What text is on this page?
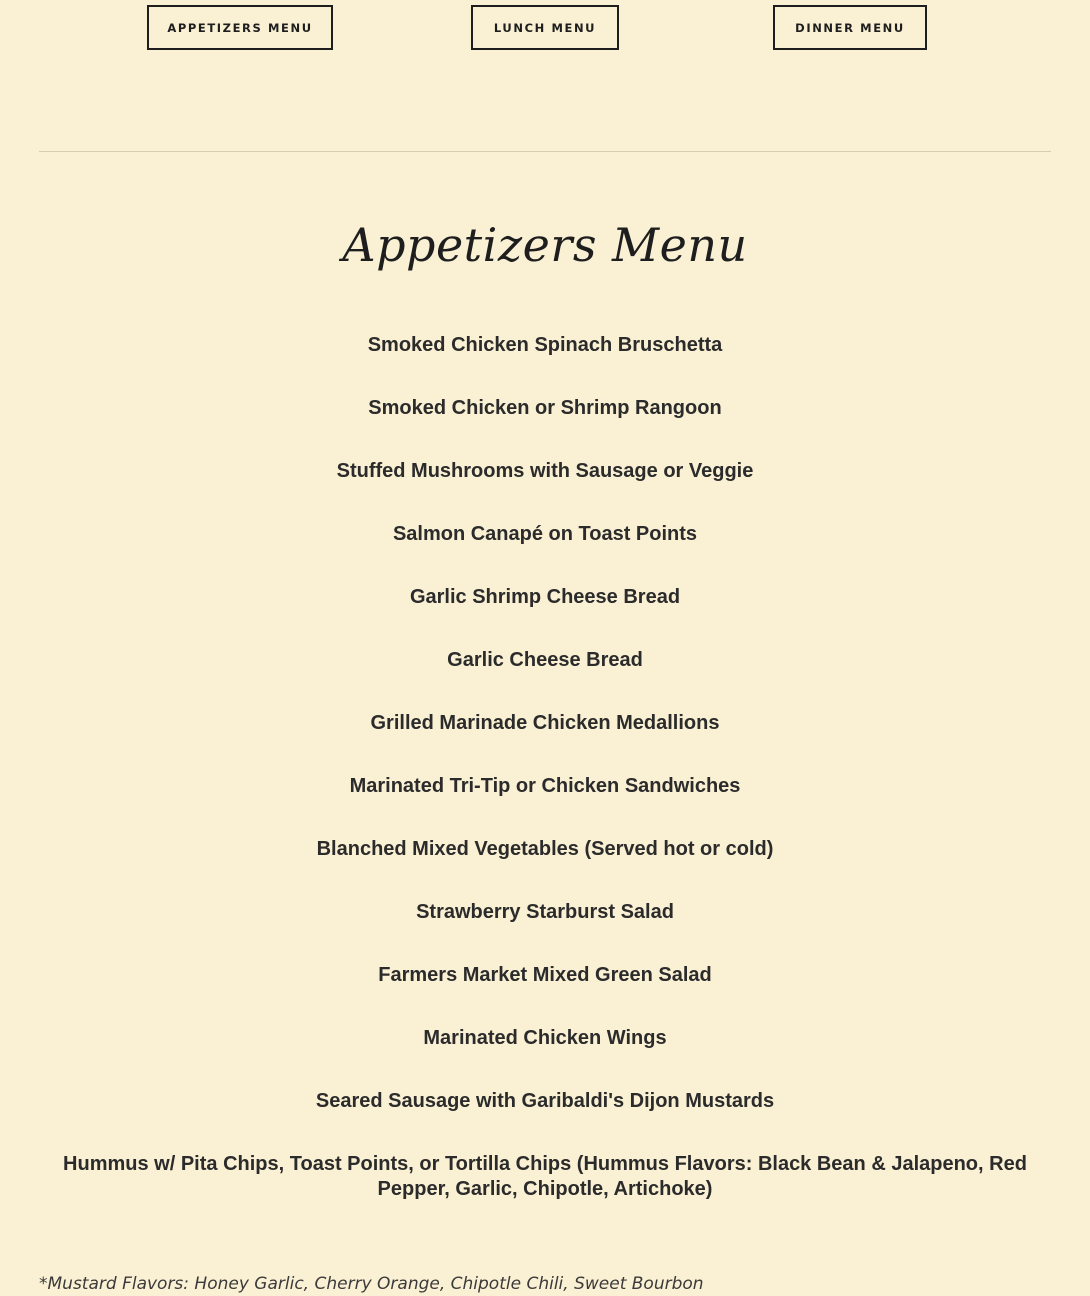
APPETIZERS MENU	LUNCH MENU	DINNER MENU
Appetizers Menu
Smoked Chicken Spinach Bruschetta
Smoked Chicken or Shrimp Rangoon
Stuffed Mushrooms with Sausage or Veggie
Salmon Canapé on Toast Points
Garlic Shrimp Cheese Bread
Garlic Cheese Bread
Grilled Marinade Chicken Medallions
Marinated Tri-Tip or Chicken Sandwiches
Blanched Mixed Vegetables (Served hot or cold)
Strawberry Starburst Salad
Farmers Market Mixed Green Salad
Marinated Chicken Wings
Seared Sausage with Garibaldi's Dijon Mustards
Hummus w/ Pita Chips, Toast Points, or Tortilla Chips (Hummus Flavors: Black Bean & Jalapeno, Red Pepper, Garlic, Chipotle, Artichoke)

*Mustard Flavors: Honey Garlic, Cherry Orange, Chipotle Chili, Sweet Bourbon
